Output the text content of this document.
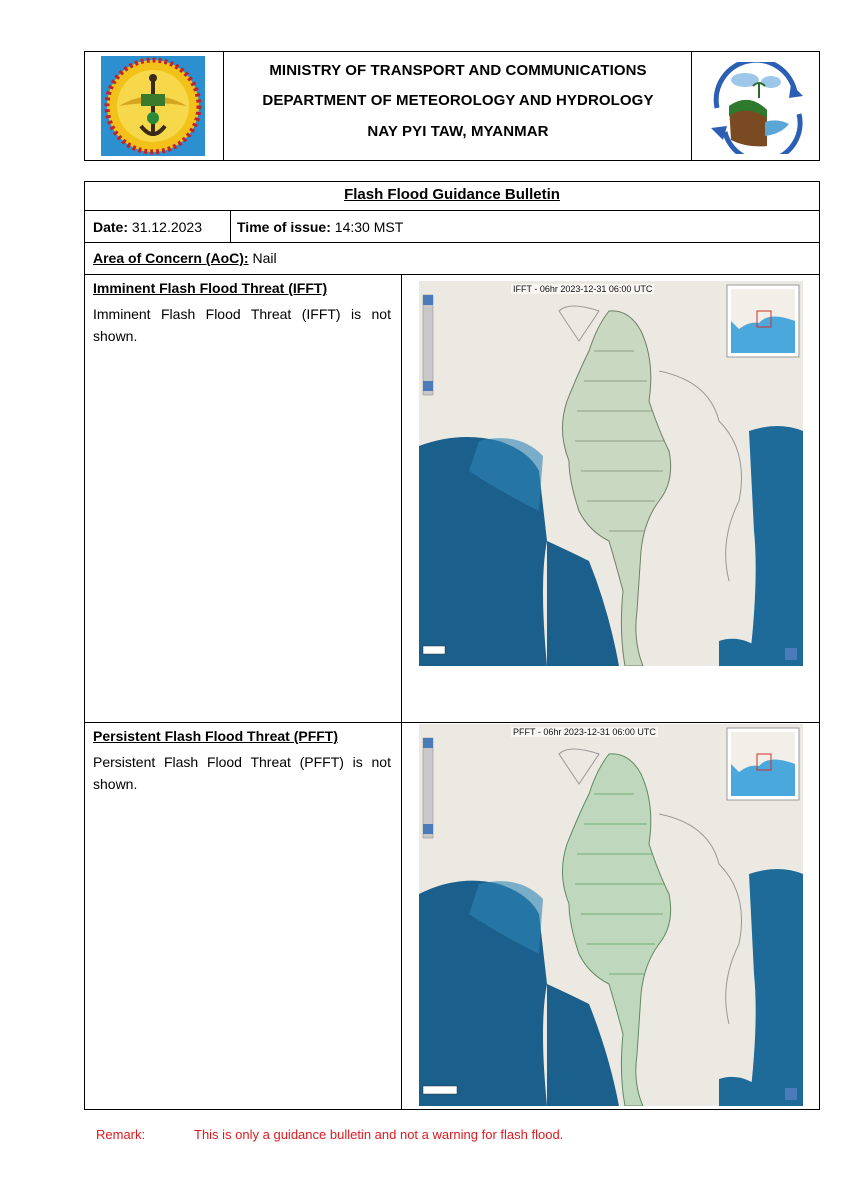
MINISTRY OF TRANSPORT AND COMMUNICATIONS
DEPARTMENT OF METEOROLOGY AND HYDROLOGY
NAY PYI TAW, MYANMAR
Flash Flood Guidance Bulletin
Date: 31.12.2023	Time of issue: 14:30 MST
Area of Concern (AoC): Nail
Imminent Flash Flood Threat (IFFT)
Imminent Flash Flood Threat (IFFT) is not shown.
IFFT - 06hr 2023-12-31 06:00 UTC
Persistent Flash Flood Threat (PFFT)
Persistent Flash Flood Threat (PFFT) is not shown.
PFFT - 06hr 2023-12-31 06:00 UTC
Remark:	This is only a guidance bulletin and not a warning for flash flood.
